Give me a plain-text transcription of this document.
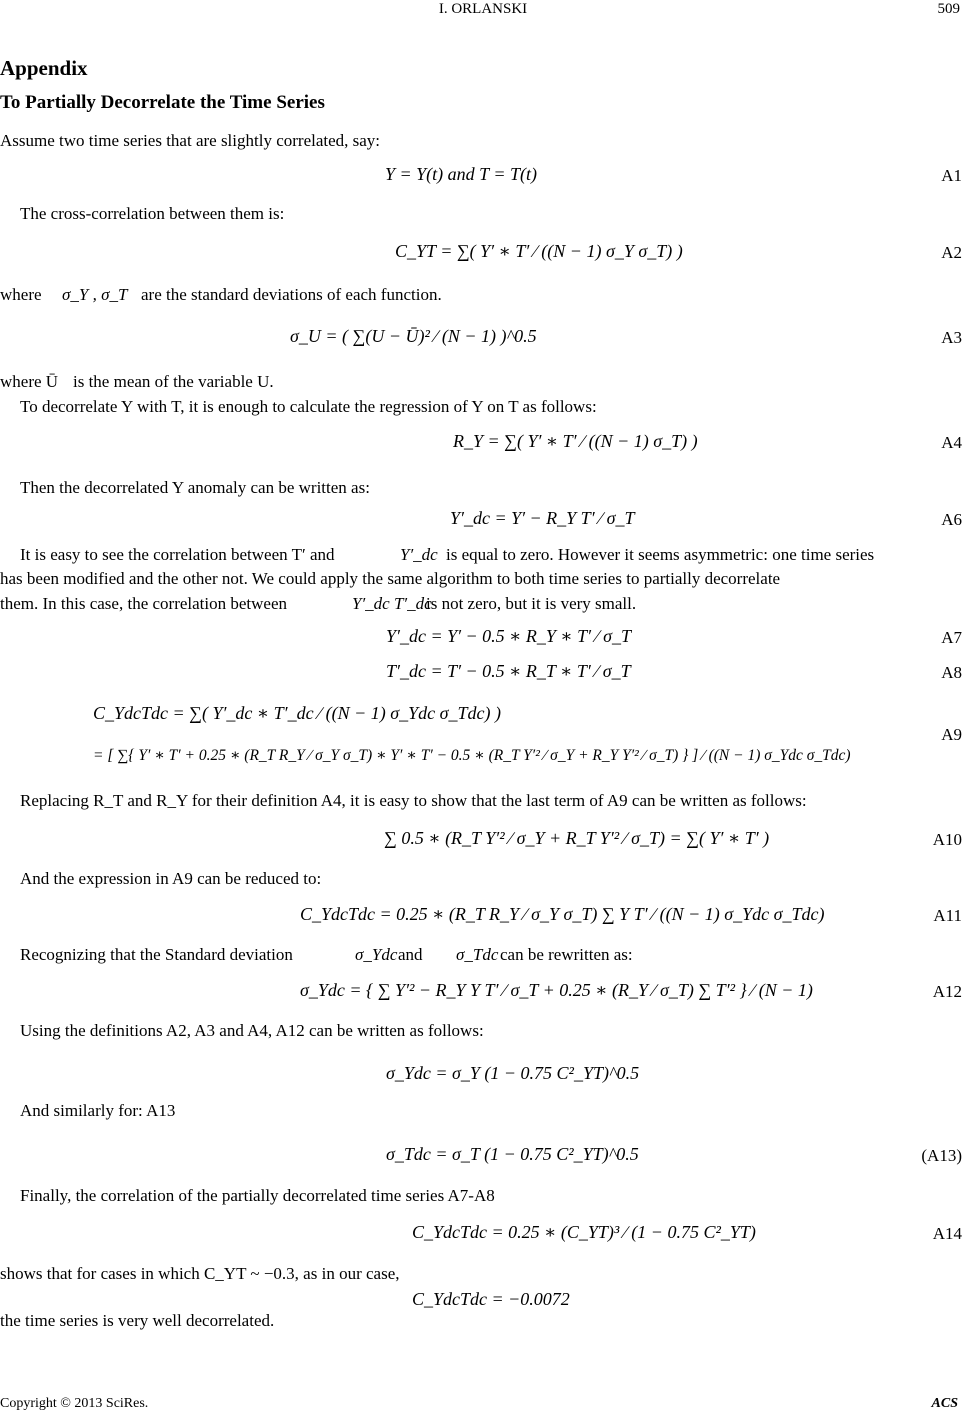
I. ORLANSKI	509
Appendix
To Partially Decorrelate the Time Series
Assume two time series that are slightly correlated, say:
Y = Y(t) and T = T(t)	A1
The cross-correlation between them is:
C_YT = ∑( Y′ ∗ T′ ∕ ((N − 1) σ_Y σ_T) )	A2
where σ_Y , σ_T are the standard deviations of each function.
σ_U = ( ∑(U − Ū)² ∕ (N − 1) )^0.5	A3
where Ū is the mean of the variable U.
To decorrelate Y with T, it is enough to calculate the regression of Y on T as follows:
R_Y = ∑( Y′ ∗ T′ ∕ ((N − 1) σ_T) )	A4
Then the decorrelated Y anomaly can be written as:
Y′_dc = Y′ − R_Y T′ ∕ σ_T	A6
It is easy to see the correlation between T′ and	Y′_dc is equal to zero. However it seems asymmetric: one time series
has been modified and the other not. We could apply the same algorithm to both time series to partially decorrelate
them. In this case, the correlation between	Y′_dc T′_dc
is not zero, but it is very small.
Y′_dc = Y′ − 0.5 ∗ R_Y ∗ T′ ∕ σ_T	A7
T′_dc = T′ − 0.5 ∗ R_T ∗ T′ ∕ σ_T	A8
C_YdcTdc = ∑( Y′_dc ∗ T′_dc ∕ ((N − 1) σ_Ydc σ_Tdc) )
= [ ∑{ Y′ ∗ T′ + 0.25 ∗ (R_T R_Y ∕ σ_Y σ_T) ∗ Y′ ∗ T′ − 0.5 ∗ (R_T Y′² ∕ σ_Y + R_Y Y′² ∕ σ_T) } ] ∕ ((N − 1) σ_Ydc σ_Tdc)
A9
Replacing R_T and R_Y for their definition A4, it is easy to show that the last term of A9 can be written as follows:
∑ 0.5 ∗ (R_T Y′² ∕ σ_Y + R_T Y′² ∕ σ_T) = ∑( Y′ ∗ T′ )	A10
And the expression in A9 can be reduced to:
C_YdcTdc = 0.25 ∗ (R_T R_Y ∕ σ_Y σ_T) ∑ Y T′ ∕ ((N − 1) σ_Ydc σ_Tdc)	A11
Recognizing that the Standard deviation	σ_Ydc and σ_Tdc can be rewritten as:
σ_Ydc = { ∑ Y′² − R_Y Y T′ ∕ σ_T + 0.25 ∗ (R_Y ∕ σ_T) ∑ T′² } ∕ (N − 1)	A12
Using the definitions A2, A3 and A4, A12 can be written as follows:
σ_Ydc = σ_Y (1 − 0.75 C²_YT)^0.5
And similarly for: A13
σ_Tdc = σ_T (1 − 0.75 C²_YT)^0.5	(A13)
Finally, the correlation of the partially decorrelated time series A7-A8
C_YdcTdc = 0.25 ∗ (C_YT)³ ∕ (1 − 0.75 C²_YT)	A14
shows that for cases in which C_YT ~ −0.3, as in our case,
C_YdcTdc = −0.0072
the time series is very well decorrelated.
Copyright © 2013 SciRes.	ACS
